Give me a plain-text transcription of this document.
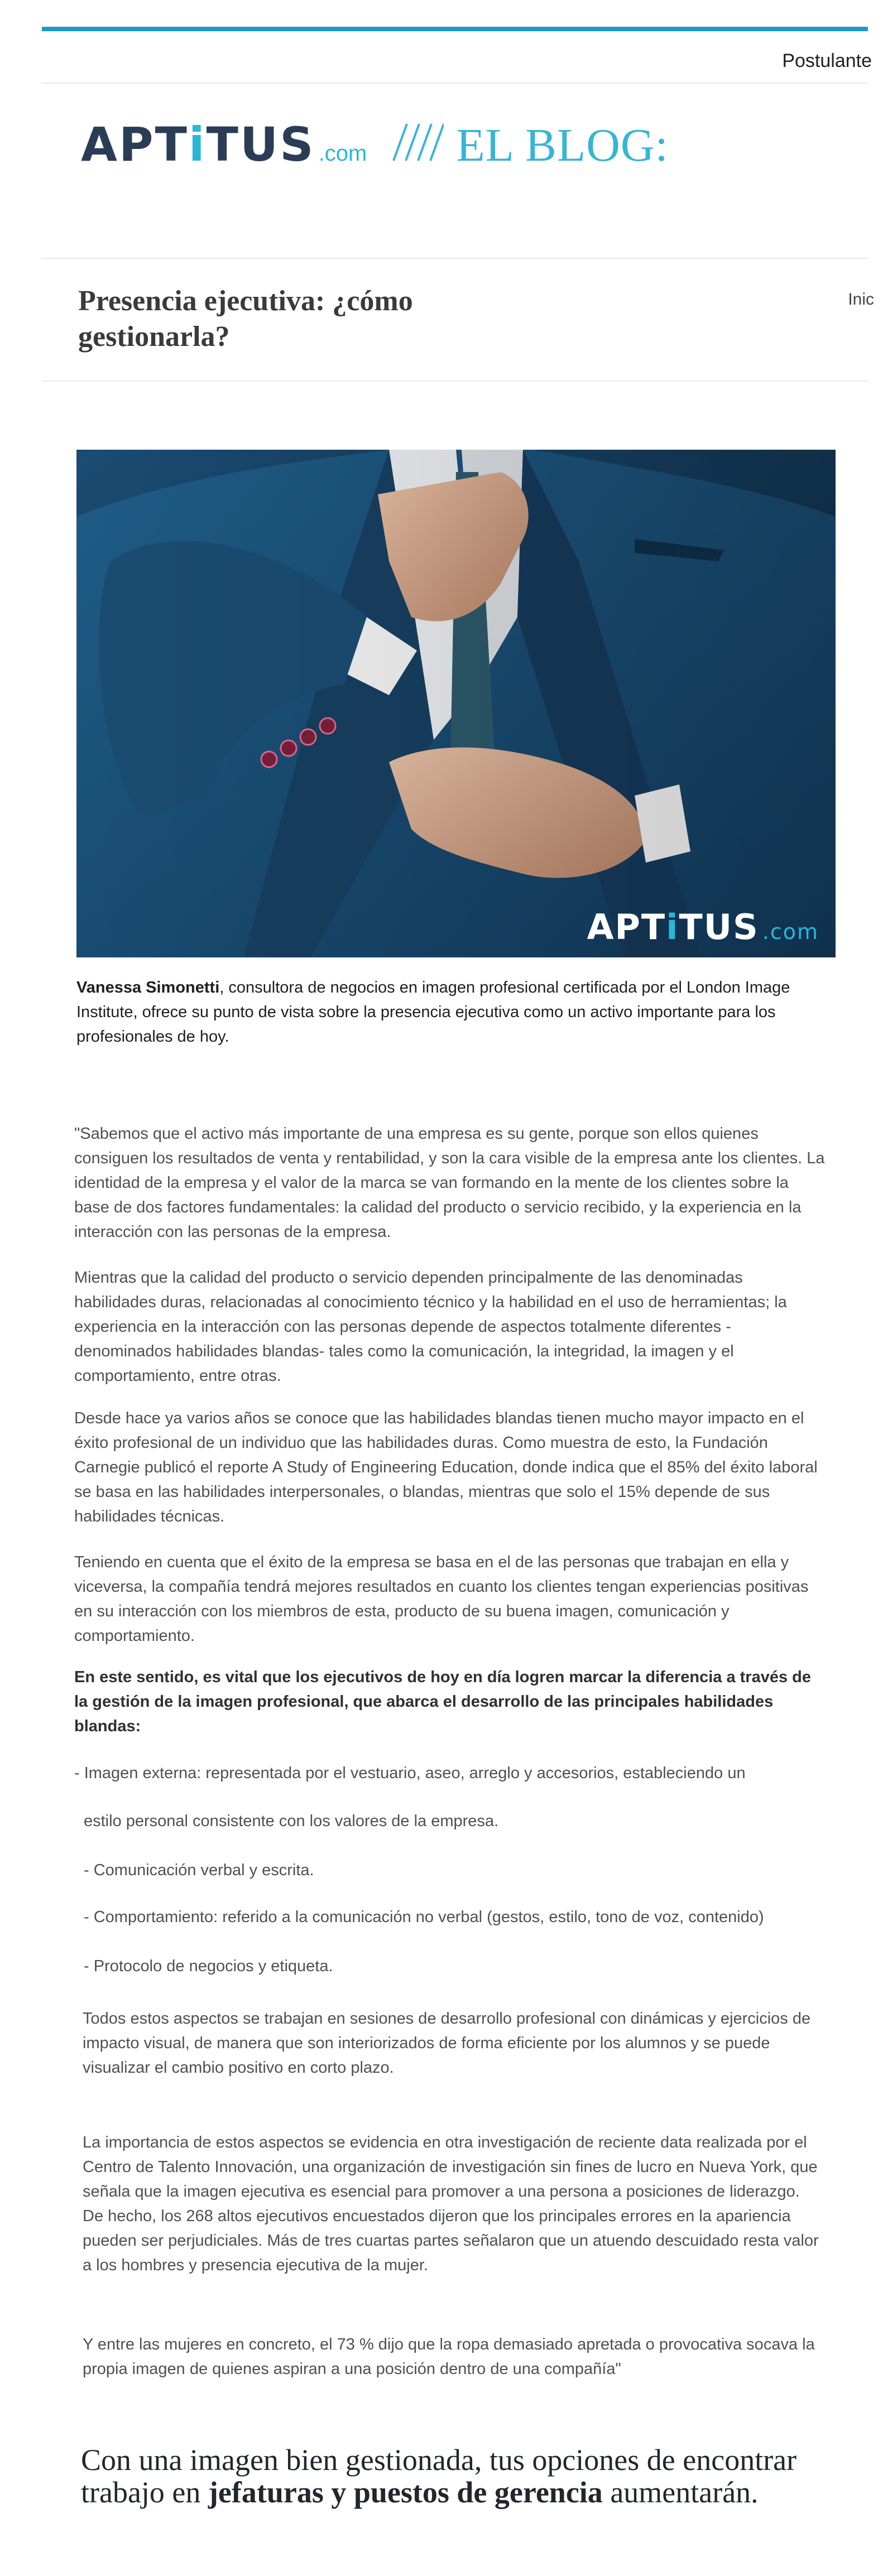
Postulante
APTiTUS .com EL BLOG:
Presencia ejecutiva: ¿cómo gestionarla?
Inic
APTiTUS .com

Vanessa Simonetti, consultora de negocios en imagen profesional certificada por el London Image Institute, ofrece su punto de vista sobre la presencia ejecutiva como un activo importante para los profesionales de hoy.

"Sabemos que el activo más importante de una empresa es su gente, porque son ellos quienes consiguen los resultados de venta y rentabilidad, y son la cara visible de la empresa ante los clientes. La identidad de la empresa y el valor de la marca se van formando en la mente de los clientes sobre la base de dos factores fundamentales: la calidad del producto o servicio recibido, y la experiencia en la interacción con las personas de la empresa.

Mientras que la calidad del producto o servicio dependen principalmente de las denominadas habilidades duras, relacionadas al conocimiento técnico y la habilidad en el uso de herramientas; la experiencia en la interacción con las personas depende de aspectos totalmente diferentes -denominados habilidades blandas- tales como la comunicación, la integridad, la imagen y el comportamiento, entre otras.

Desde hace ya varios años se conoce que las habilidades blandas tienen mucho mayor impacto en el éxito profesional de un individuo que las habilidades duras. Como muestra de esto, la Fundación Carnegie publicó el reporte A Study of Engineering Education, donde indica que el 85% del éxito laboral se basa en las habilidades interpersonales, o blandas, mientras que solo el 15% depende de sus habilidades técnicas.

Teniendo en cuenta que el éxito de la empresa se basa en el de las personas que trabajan en ella y viceversa, la compañía tendrá mejores resultados en cuanto los clientes tengan experiencias positivas en su interacción con los miembros de esta, producto de su buena imagen, comunicación y comportamiento.

En este sentido, es vital que los ejecutivos de hoy en día logren marcar la diferencia a través de la gestión de la imagen profesional, que abarca el desarrollo de las principales habilidades blandas:

- Imagen externa: representada por el vestuario, aseo, arreglo y accesorios, estableciendo un

estilo personal consistente con los valores de la empresa.

- Comunicación verbal y escrita.

- Comportamiento: referido a la comunicación no verbal (gestos, estilo, tono de voz, contenido)

- Protocolo de negocios y etiqueta.

Todos estos aspectos se trabajan en sesiones de desarrollo profesional con dinámicas y ejercicios de impacto visual, de manera que son interiorizados de forma eficiente por los alumnos y se puede visualizar el cambio positivo en corto plazo.

La importancia de estos aspectos se evidencia en otra investigación de reciente data realizada por el Centro de Talento Innovación, una organización de investigación sin fines de lucro en Nueva York, que señala que la imagen ejecutiva es esencial para promover a una persona a posiciones de liderazgo. De hecho, los 268 altos ejecutivos encuestados dijeron que los principales errores en la apariencia pueden ser perjudiciales. Más de tres cuartas partes señalaron que un atuendo descuidado resta valor a los hombres y presencia ejecutiva de la mujer.

Y entre las mujeres en concreto, el 73 % dijo que la ropa demasiado apretada o provocativa socava la propia imagen de quienes aspiran a una posición dentro de una compañía"

Con una imagen bien gestionada, tus opciones de encontrar trabajo en jefaturas y puestos de gerencia aumentarán.
